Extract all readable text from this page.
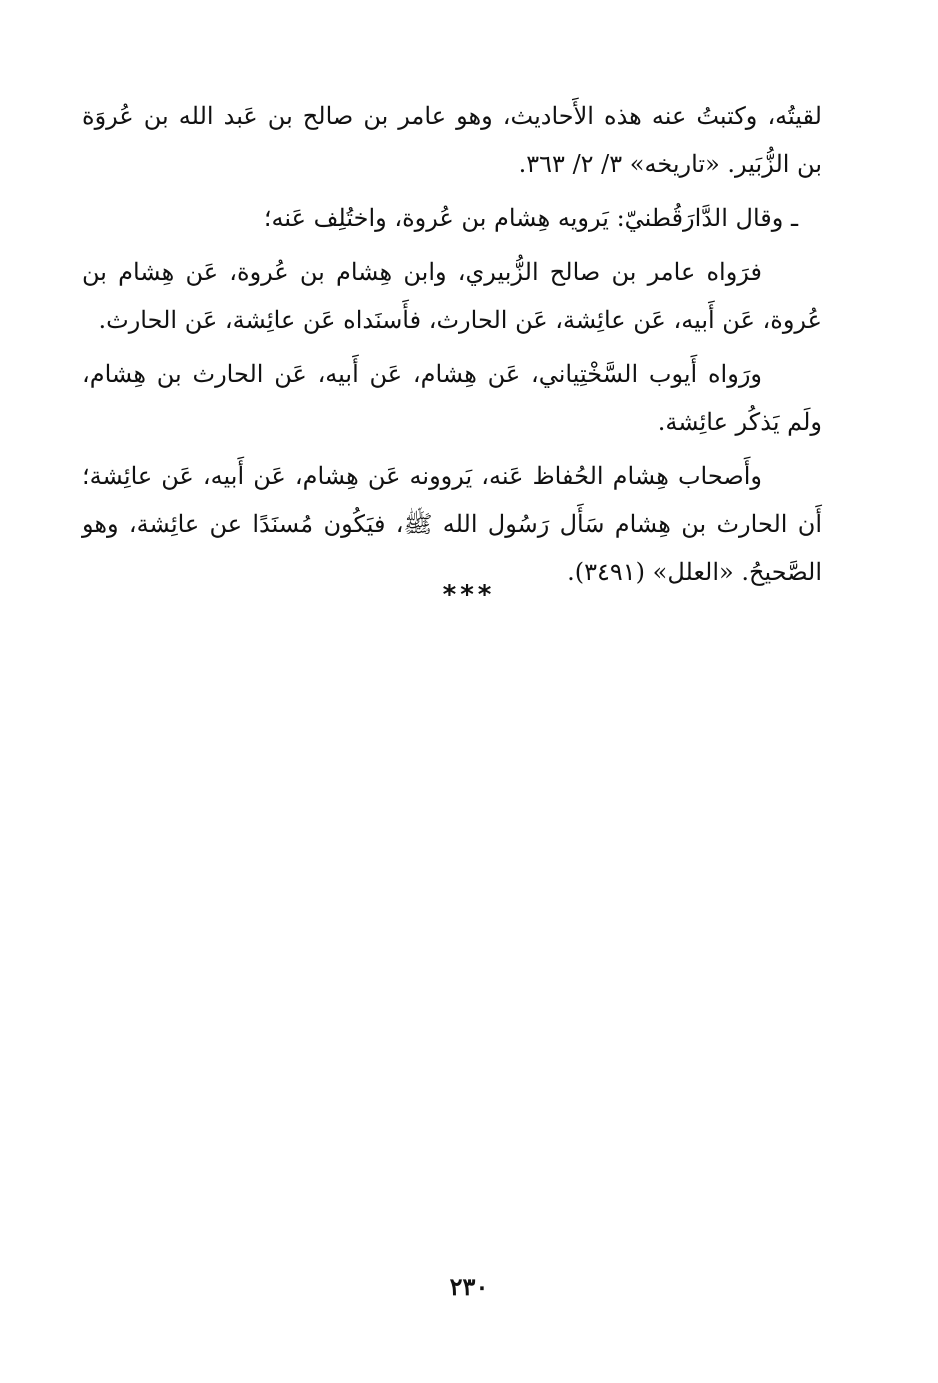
لقيتُه، وكتبتُ عنه هذه الأَحاديث، وهو عامر بن صالح بن عَبد الله بن عُروَة بن الزُّبَير. «تاريخه» ٣/ ٢/ ٣٦٣.

ـ وقال الدَّارَقُطنيّ: يَرويه هِشام بن عُروة، واختُلِف عَنه؛

فرَواه عامر بن صالح الزُّبيري، وابن هِشام بن عُروة، عَن هِشام بن عُروة، عَن أَبيه، عَن عائِشة، عَن الحارث، فأَسنَداه عَن عائِشة، عَن الحارث.

ورَواه أَيوب السَّخْتِياني، عَن هِشام، عَن أَبيه، عَن الحارث بن هِشام، ولَم يَذكُر عائِشة.

وأَصحاب هِشام الحُفاظ عَنه، يَروونه عَن هِشام، عَن أَبيه، عَن عائِشة؛ أَن الحارث بن هِشام سَأَل رَسُول الله ﷺ، فيَكُون مُسنَدًا عن عائِشة، وهو الصَّحيحُ. «العلل» (٣٤٩١).

***
٢٣٠
